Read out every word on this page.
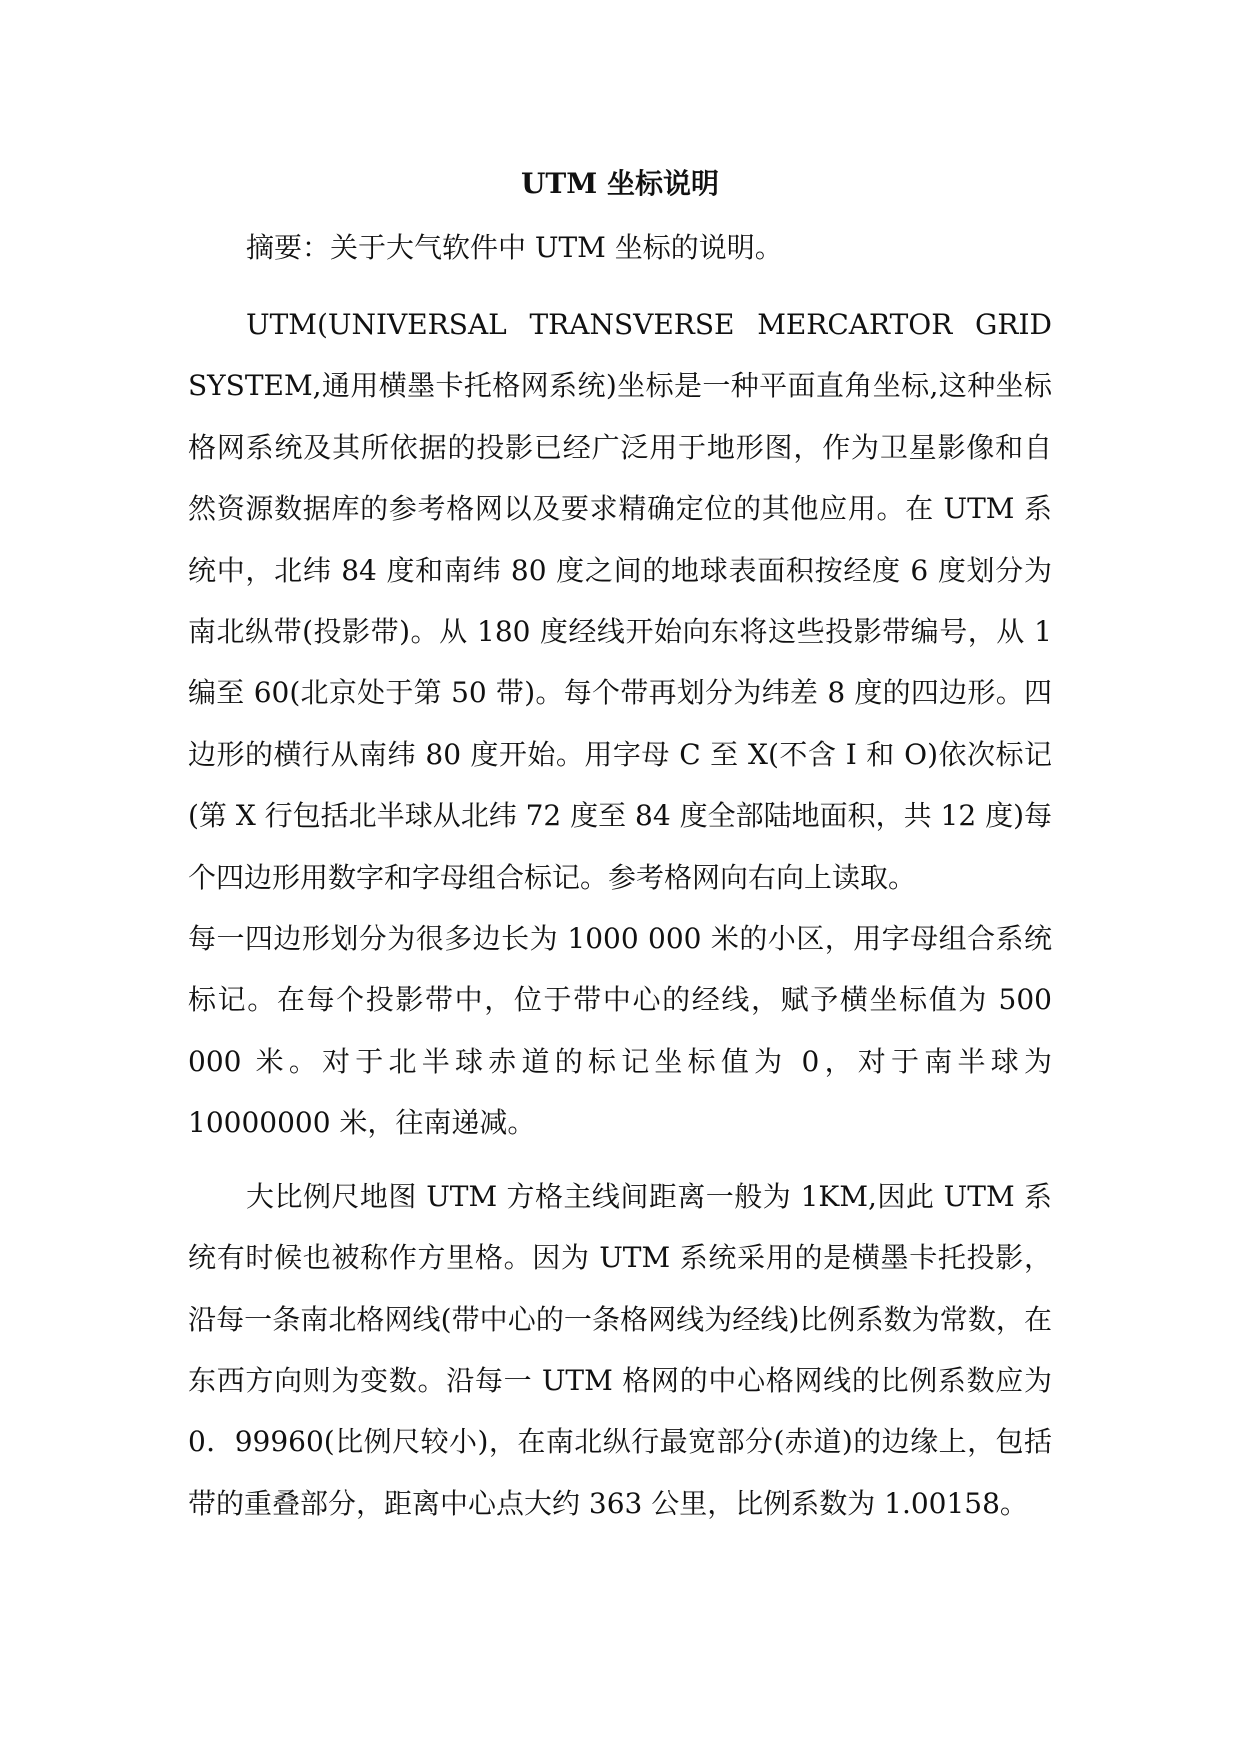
UTM 坐标说明

摘要：关于大气软件中 UTM 坐标的说明。

UTM(UNIVERSAL TRANSVERSE MERCARTOR GRID SYSTEM,通用横墨卡托格网系统)坐标是一种平面直角坐标,这种坐标格网系统及其所依据的投影已经广泛用于地形图，作为卫星影像和自然资源数据库的参考格网以及要求精确定位的其他应用。在 UTM 系统中，北纬 84 度和南纬 80 度之间的地球表面积按经度 6 度划分为南北纵带(投影带)。从 180 度经线开始向东将这些投影带编号，从 1 编至 60(北京处于第 50 带)。每个带再划分为纬差 8 度的四边形。四边形的横行从南纬 80 度开始。用字母 C 至 X(不含 I 和 O)依次标记(第 X 行包括北半球从北纬 72 度至 84 度全部陆地面积，共 12 度)每个四边形用数字和字母组合标记。参考格网向右向上读取。

每一四边形划分为很多边长为 1000 000 米的小区，用字母组合系统标记。在每个投影带中，位于带中心的经线，赋予横坐标值为 500 000 米。对于北半球赤道的标记坐标值为 0，对于南半球为 10000000 米，往南递减。

大比例尺地图 UTM 方格主线间距离一般为 1KM,因此 UTM 系统有时候也被称作方里格。因为 UTM 系统采用的是横墨卡托投影，沿每一条南北格网线(带中心的一条格网线为经线)比例系数为常数，在东西方向则为变数。沿每一 UTM 格网的中心格网线的比例系数应为 0．99960(比例尺较小)，在南北纵行最宽部分(赤道)的边缘上，包括带的重叠部分，距离中心点大约 363 公里，比例系数为 1.00158。
